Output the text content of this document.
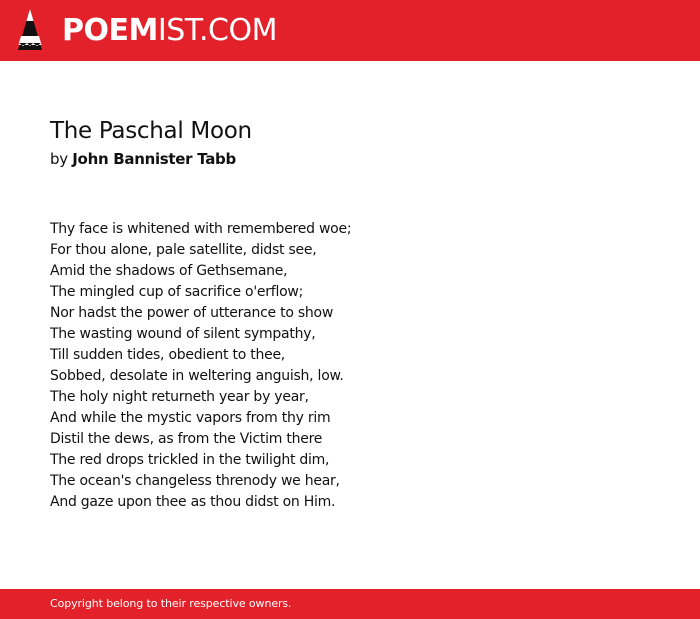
POEMIST.COM
The Paschal Moon
by John Bannister Tabb
Thy face is whitened with remembered woe;
For thou alone, pale satellite, didst see,
Amid the shadows of Gethsemane,
The mingled cup of sacrifice o'erflow;
Nor hadst the power of utterance to show
The wasting wound of silent sympathy,
Till sudden tides, obedient to thee,
Sobbed, desolate in weltering anguish, low.
The holy night returneth year by year,
And while the mystic vapors from thy rim
Distil the dews, as from the Victim there
The red drops trickled in the twilight dim,
The ocean's changeless threnody we hear,
And gaze upon thee as thou didst on Him.
Copyright belong to their respective owners.
